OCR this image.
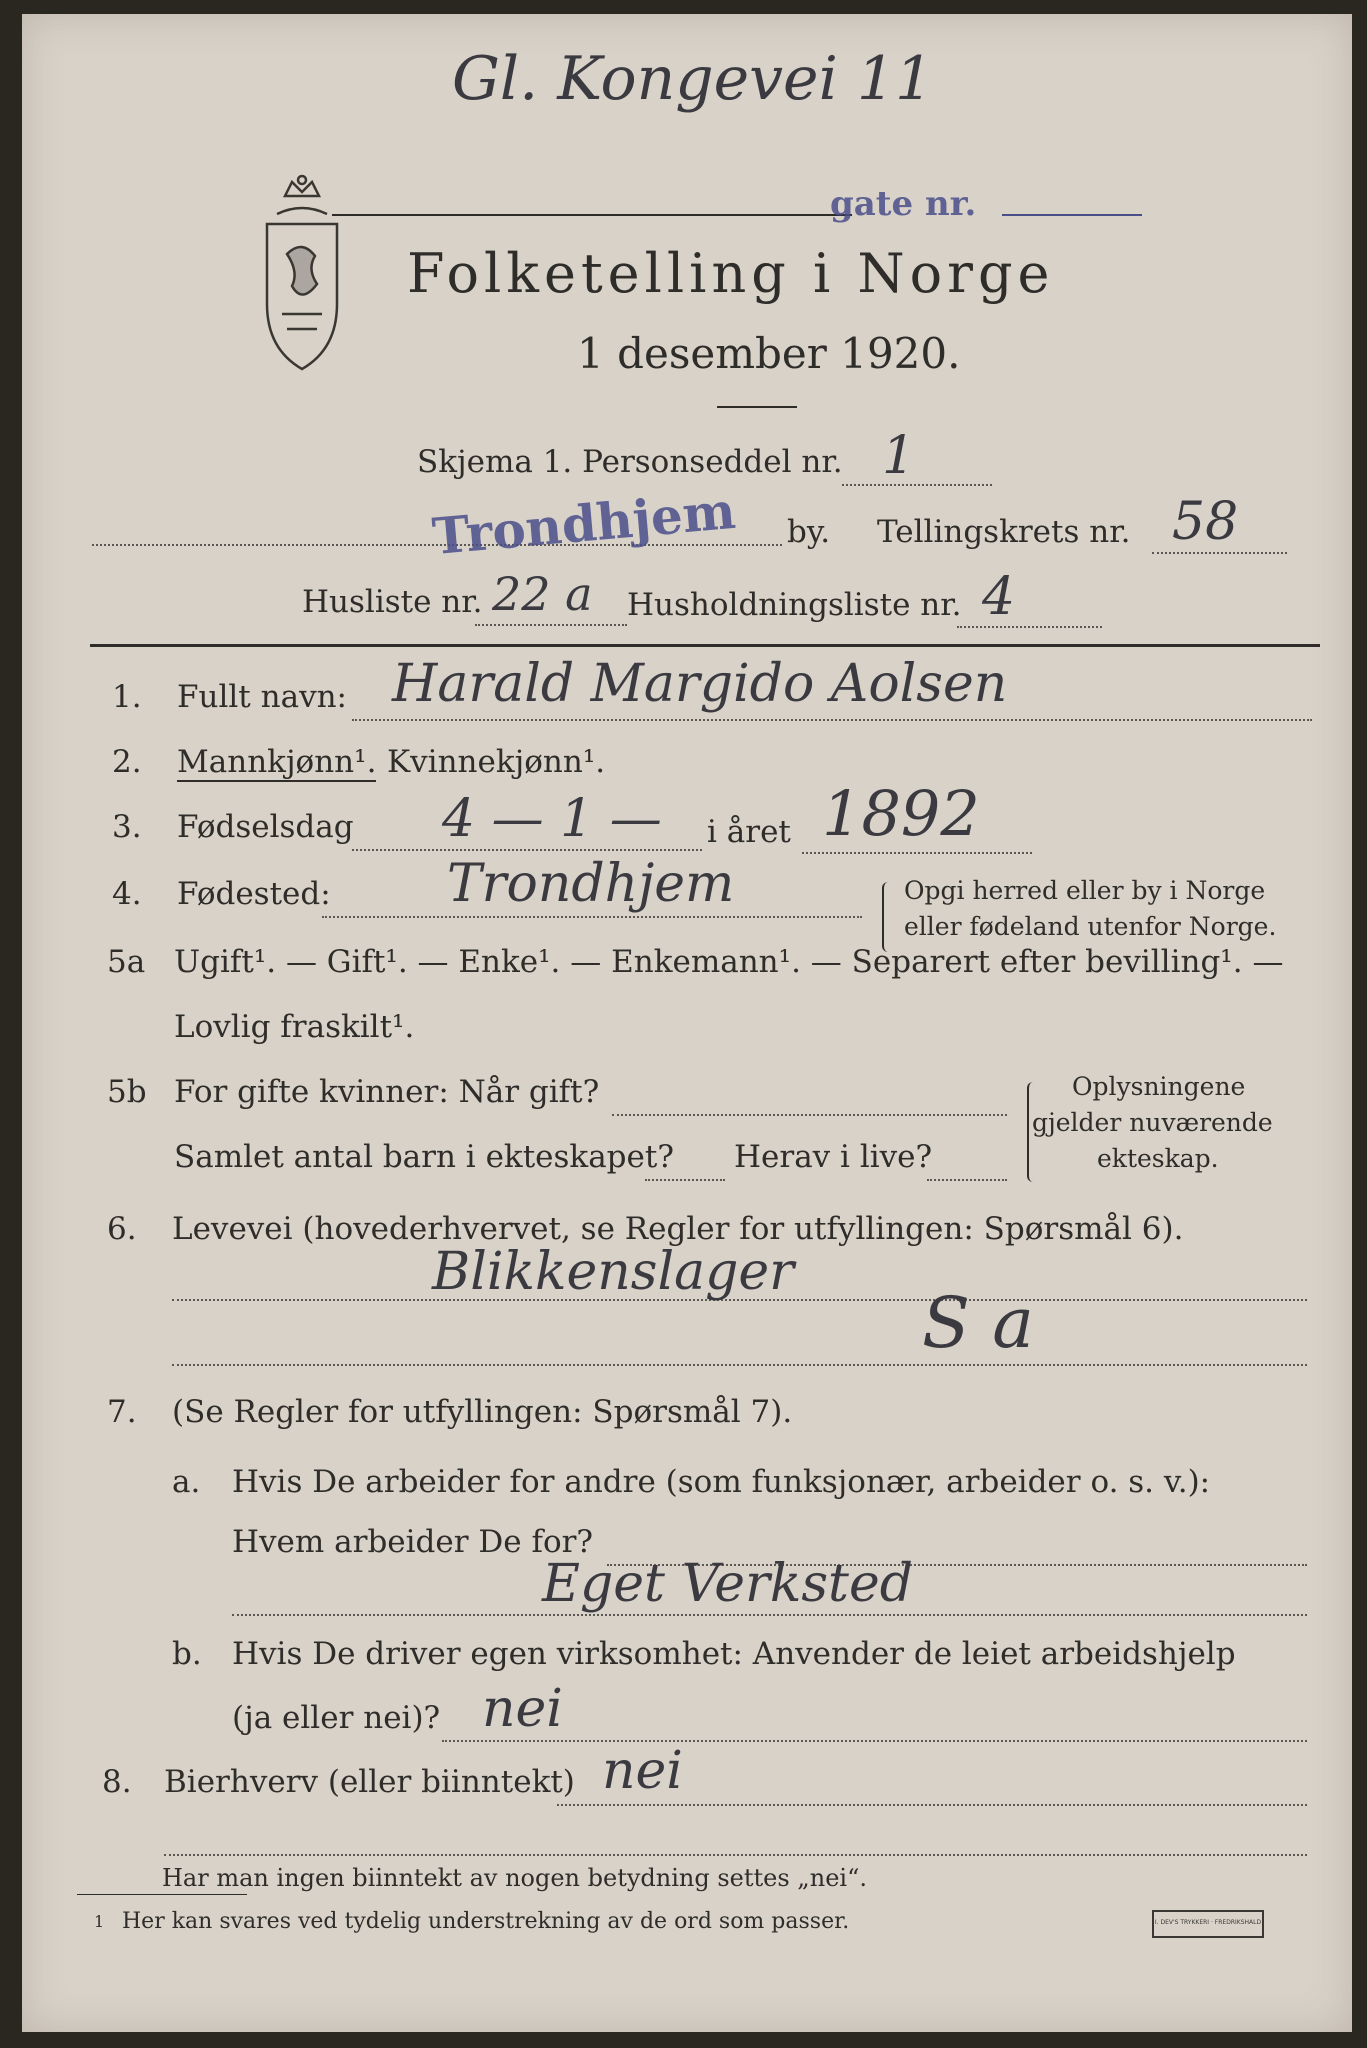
Gl. Kongevei 11
gate nr.
Folketelling i Norge
1 desember 1920.
Skjema 1. Personseddel nr. 1
Trondhjem by. Tellingskrets nr. 58
Husliste nr. 22 a Husholdningsliste nr. 4
1. Fullt navn: Harald Margido Aolsen
2. Mannkjønn¹. Kvinnekjønn¹.
3. Fødselsdag 4 — 1 — i året 1892
4. Fødested: Trondhjem	Opgi herred eller by i Norge
eller fødeland utenfor Norge.
5a Ugift¹. — Gift¹. — Enke¹. — Enkemann¹. — Separert efter bevilling¹. —
Lovlig fraskilt¹.
5b For gifte kvinner: Når gift?
Samlet antal barn i ekteskapet? Herav i live?
Oplysningene
gjelder nuværende
ekteskap.
6. Levevei (hovederhvervet, se Regler for utfyllingen: Spørsmål 6).
Blikkenslager
S a
7. (Se Regler for utfyllingen: Spørsmål 7).
a. Hvis De arbeider for andre (som funksjonær, arbeider o. s. v.):
Hvem arbeider De for?
Eget Verksted
b. Hvis De driver egen virksomhet: Anvender de leiet arbeidshjelp
(ja eller nei)? nei
8. Bierhverv (eller biinntekt) nei
Har man ingen biinntekt av nogen betydning settes „nei“.
1 Her kan svares ved tydelig understrekning av de ord som passer.	I. DEV'S TRYKKERI · FREDRIKSHALD
